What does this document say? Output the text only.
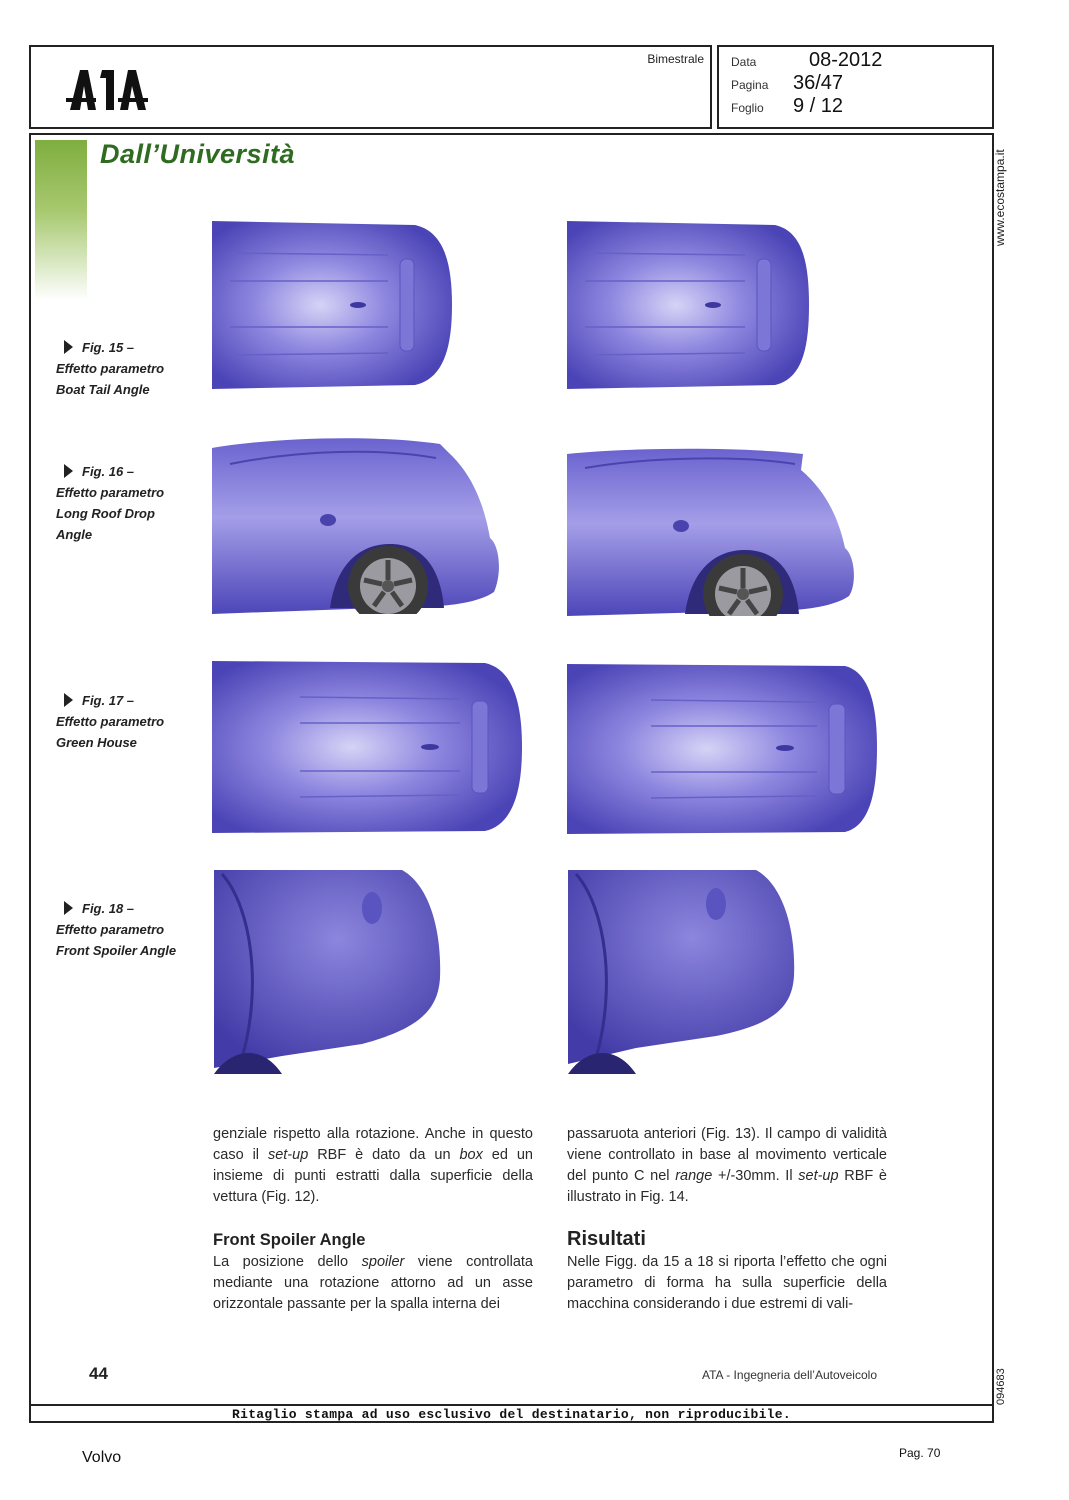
Bimestrale Data	08-2012
Pagina 36/47
Foglio 9 / 12
Dall’Università	www.ecostampa.it
094683
Fig. 15 –
Effetto parametro
Boat Tail Angle
Fig. 16 –
Effetto parametro
Long Roof Drop
Angle
Fig. 17 –
Effetto parametro
Green House
Fig. 18 –
Effetto parametro
Front Spoiler Angle
genziale rispetto alla rotazione. Anche in questo caso il set-up RBF è dato da un box ed un insieme di punti estratti dalla superficie della vettura (Fig. 12).
Front Spoiler Angle
La posizione dello spoiler viene controllata mediante una rotazione attorno ad un asse orizzontale passante per la spalla interna dei
passaruota anteriori (Fig. 13). Il campo di validità viene controllato in base al movimento verticale del punto C nel range +/-30mm. Il set-up RBF è illustrato in Fig. 14.
Risultati
Nelle Figg. da 15 a 18 si riporta l’effetto che ogni parametro di forma ha sulla superficie della macchina considerando i due estremi di vali-
44	ATA - Ingegneria dell’Autoveicolo
Ritaglio stampa ad uso esclusivo del destinatario, non riproducibile.
Volvo	Pag. 70
